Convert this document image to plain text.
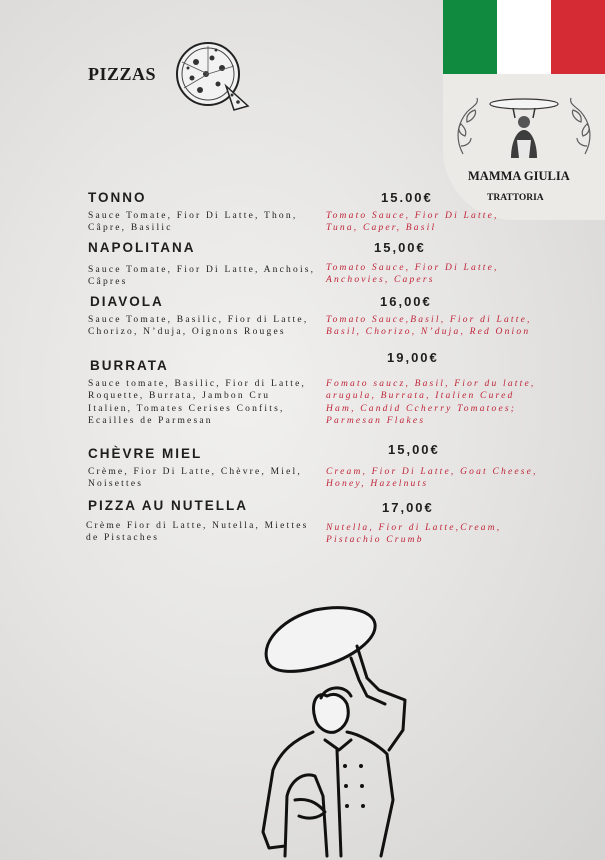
MAMMA GIULIA
TRATTORIA
PIZZAS
TONNO
Sauce Tomate, Fior Di Latte, Thon, Câpre, Basilic
15.00€
Tomato Sauce, Fior Di Latte, Tuna, Caper, Basil
NAPOLITANA
Sauce Tomate, Fior Di Latte, Anchois, Câpres
15,00€
Tomato Sauce, Fior Di Latte, Anchovies, Capers
DIAVOLA
Sauce Tomate, Basilic, Fior di Latte, Chorizo, N’duja, Oignons Rouges
16,00€
Tomato Sauce,Basil, Fior di Latte, Basil, Chorizo, N’duja, Red Onion
BURRATA
Sauce tomate, Basilic, Fior di Latte, Roquette, Burrata, Jambon Cru Italien, Tomates Cerises Confits, Ecailles de Parmesan
19,00€
Fomato saucz, Basil, Fior du latte, arugula, Burrata, Italien Cured Ham, Candid Ccherry Tomatoes; Parmesan Flakes
CHÈVRE MIEL
Crème, Fior Di Latte, Chèvre, Miel, Noisettes
15,00€
Cream, Fior Di Latte, Goat Cheese, Honey, Hazelnuts
PIZZA AU NUTELLA
Crème Fior di Latte, Nutella, Miettes de Pistaches
17,00€
Nutella, Fior di Latte,Cream, Pistachio Crumb
